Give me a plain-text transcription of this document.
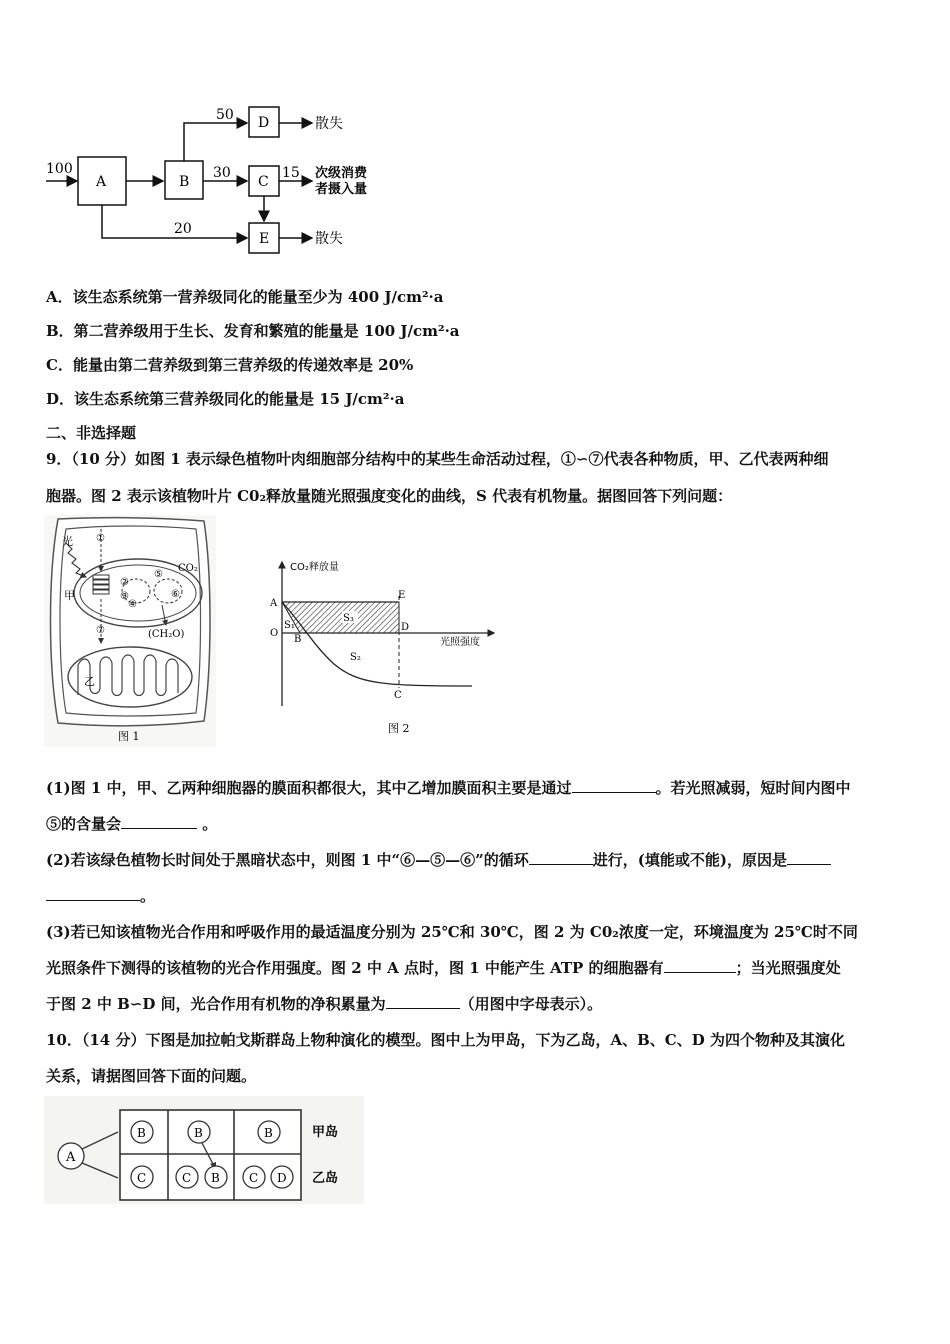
100
A	B
50 D	散失
30
C
15 次级消费
者摄入量
20
E	散失
A．该生态系统第一营养级同化的能量至少为 400 J/cm²·a
B．第二营养级用于生长、发育和繁殖的能量是 100 J/cm²·a
C．能量由第二营养级到第三营养级的传递效率是 20%
D．该生态系统第三营养级同化的能量是 15 J/cm²·a
二、非选择题
9．（10 分）如图 1 表示绿色植物叶肉细胞部分结构中的某些生命活动过程，①∽⑦代表各种物质，甲、乙代表两种细
胞器。图 2 表示该植物叶片 C0₂释放量随光照强度变化的曲线，S 代表有机物量。据图回答下列问题：
光 ①
②
③
④
⑤
⑥
CO₂
甲
(CH₂O)
⑦
乙
图 1
CO₂释放量
光照强度
S₃
A
O
S₁
B
S₂
E
D
C
图 2
(1)图 1 中，甲、乙两种细胞器的膜面积都很大，其中乙增加膜面积主要是通过	。若光照减弱，短时间内图中
⑤的含量会	。
(2)若该绿色植物长时间处于黑暗状态中，则图 1 中“⑥—⑤—⑥”的循环	进行，(填能或不能)，原因是
。
(3)若已知该植物光合作用和呼吸作用的最适温度分别为 25℃和 30℃，图 2 为 C0₂浓度一定，环境温度为 25℃时不同
光照条件下测得的该植物的光合作用强度。图 2 中 A 点时，图 1 中能产生 ATP 的细胞器有	；当光照强度处
于图 2 中 B∽D 间，光合作用有机物的净积累量为	（用图中字母表示）。
10．（14 分）下图是加拉帕戈斯群岛上物种演化的模型。图中上为甲岛，下为乙岛，A、B、C、D 为四个物种及其演化
关系，请据图回答下面的问题。
A
B	B	B
C	C B C D
甲岛
乙岛
